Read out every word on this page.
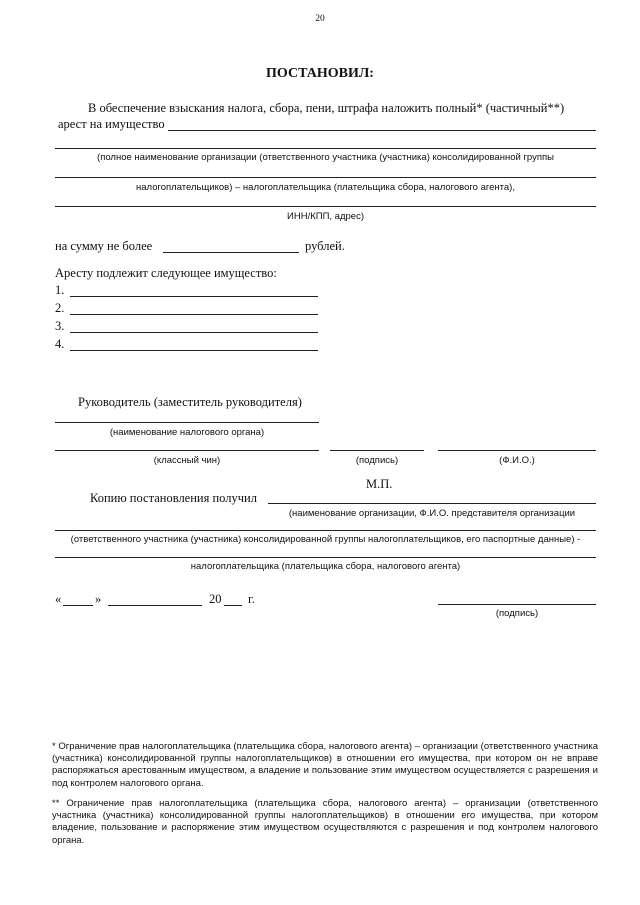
20
ПОСТАНОВИЛ:
В обеспечение взыскания налога, сбора, пени, штрафа наложить полный* (частичный**)
арест на имущество
(полное наименование организации (ответственного участника (участника) консолидированной группы
налогоплательщиков) – налогоплательщика (плательщика сбора, налогового агента),
ИНН/КПП, адрес)
на сумму не более	рублей.
Аресту подлежит следующее имущество:
1.
2.
3.
4.
Руководитель (заместитель руководителя)
(наименование налогового органа)
(классный чин)	(подпись)	(Ф.И.О.)
М.П.
Копию постановления получил
(наименование организации, Ф.И.О. представителя организации
(ответственного участника (участника) консолидированной группы налогоплательщиков, его паспортные данные) -
налогоплательщика (плательщика сбора, налогового агента)
«	»	20 г.
(подпись)
* Ограничение прав налогоплательщика (плательщика сбора, налогового агента) – организации (ответственного участника (участника) консолидированной группы налогоплательщиков) в отношении его имущества, при котором он не вправе распоряжаться арестованным имуществом, а владение и пользование этим имуществом осуществляется с разрешения и под контролем налогового органа.
** Ограничение прав налогоплательщика (плательщика сбора, налогового агента) – организации (ответственного участника (участника) консолидированной группы налогоплательщиков) в отношении его имущества, при котором владение, пользование и распоряжение этим имуществом осуществляются с разрешения и под контролем налогового органа.
